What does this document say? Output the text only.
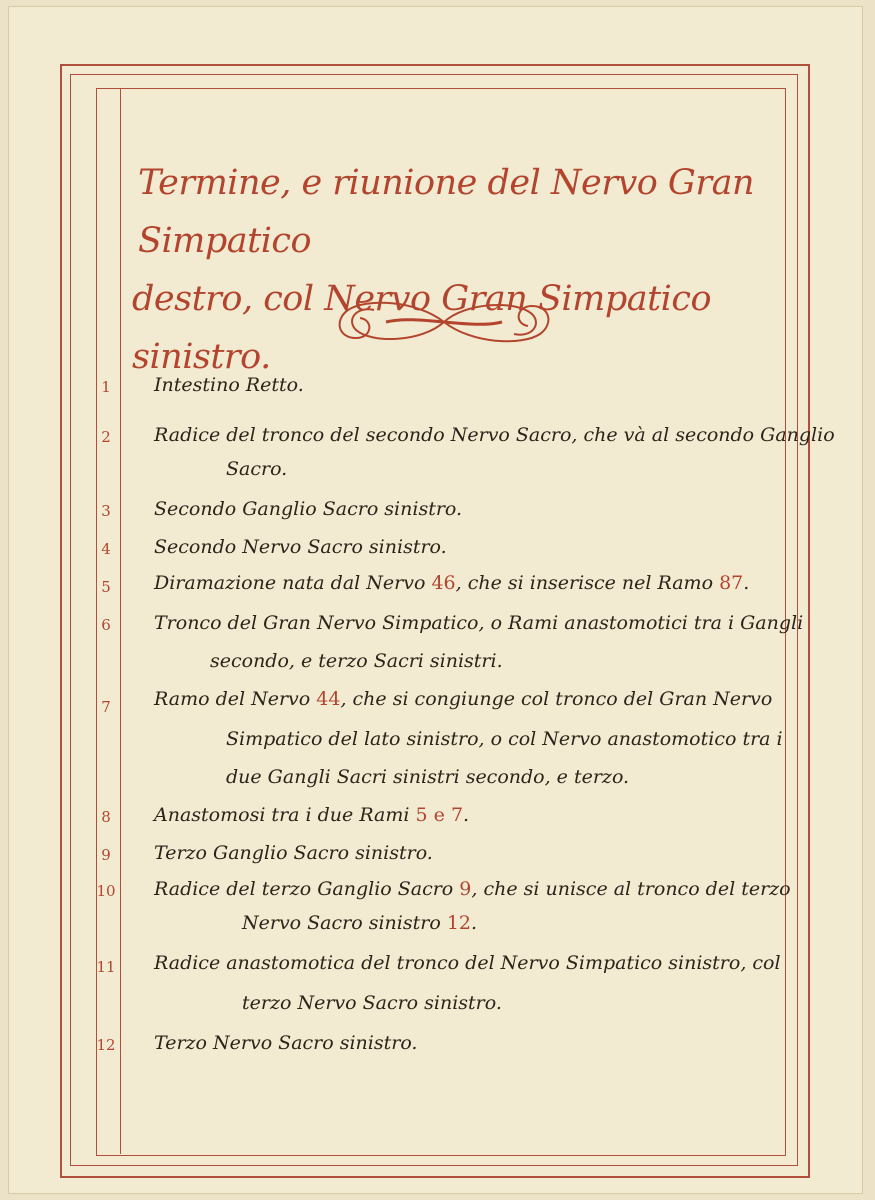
Termine, e riunione del Nervo Gran Simpatico
destro, col Nervo Gran Simpatico sinistro.
1	Intestino Retto.
2	Radice del tronco del secondo Nervo Sacro, che và al secondo Ganglio
Sacro.
3	Secondo Ganglio Sacro sinistro.
4	Secondo Nervo Sacro sinistro.
5	Diramazione nata dal Nervo 46, che si inserisce nel Ramo 87.
6	Tronco del Gran Nervo Simpatico, o Rami anastomotici tra i Gangli
secondo, e terzo Sacri sinistri.
7	Ramo del Nervo 44, che si congiunge col tronco del Gran Nervo
Simpatico del lato sinistro, o col Nervo anastomotico tra i
due Gangli Sacri sinistri secondo, e terzo.
8	Anastomosi tra i due Rami 5 e 7.
9	Terzo Ganglio Sacro sinistro.
10	Radice del terzo Ganglio Sacro 9, che si unisce al tronco del terzo
Nervo Sacro sinistro 12.
11	Radice anastomotica del tronco del Nervo Simpatico sinistro, col
terzo Nervo Sacro sinistro.
12	Terzo Nervo Sacro sinistro.
